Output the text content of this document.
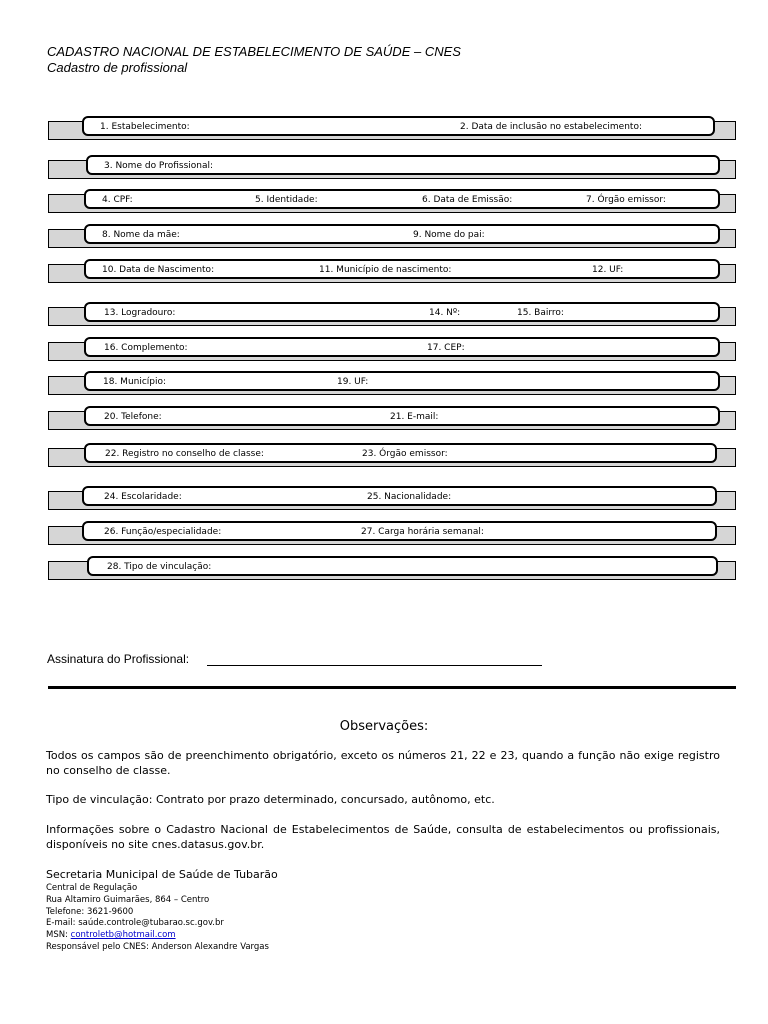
CADASTRO NACIONAL DE ESTABELECIMENTO DE SAÚDE – CNES
Cadastro de profissional
1. Estabelecimento:	2. Data de inclusão no estabelecimento:
3. Nome do Profissional:
4. CPF:	5. Identidade:	6. Data de Emissão:	7. Órgão emissor:
8. Nome da mãe:	9. Nome do pai:
10. Data de Nascimento:	11. Município de nascimento:	12. UF:
13. Logradouro:	14. Nº:	15. Bairro:
16. Complemento:	17. CEP:
18. Município:	19. UF:
20. Telefone:	21. E-mail:
22. Registro no conselho de classe:	23. Órgão emissor:
24. Escolaridade:	25. Nacionalidade:
26. Função/especialidade:	27. Carga horária semanal:
28. Tipo de vinculação:
Assinatura do Profissional:
Observações:
Todos os campos são de preenchimento obrigatório, exceto os números 21, 22 e 23, quando a função não exige registro no conselho de classe.
Tipo de vinculação: Contrato por prazo determinado, concursado, autônomo, etc.
Informações sobre o Cadastro Nacional de Estabelecimentos de Saúde, consulta de estabelecimentos ou profissionais, disponíveis no site cnes.datasus.gov.br.
Secretaria Municipal de Saúde de Tubarão
Central de Regulação
Rua Altamiro Guimarães, 864 – Centro
Telefone: 3621-9600
E-mail: saúde.controle@tubarao.sc.gov.br
MSN: controletb@hotmail.com
Responsável pelo CNES: Anderson Alexandre Vargas
